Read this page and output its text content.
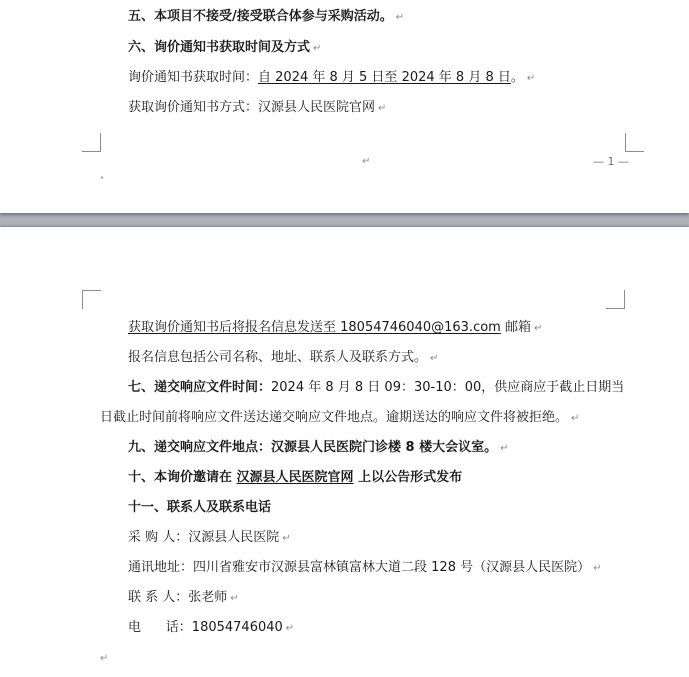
五、本项目不接受/接受联合体参与采购活动。 ↵
六、询价通知书获取时间及方式 ↵
询价通知书获取时间：自 2024 年 8 月 5 日至 2024 年 8 月 8 日。 ↵
获取询价通知书方式：汉源县人民医院官网 ↵
↵	— 1 —
˖
获取询价通知书后将报名信息发送至 18054746040@163.com 邮箱 ↵
报名信息包括公司名称、地址、联系人及联系方式。 ↵
七、递交响应文件时间：2024 年 8 月 8 日 09：30-10：00，供应商应于截止日期当
日截止时间前将响应文件送达递交响应文件地点。逾期送达的响应文件将被拒绝。 ↵
九、递交响应文件地点：汉源县人民医院门诊楼 8 楼大会议室。 ↵
十、本询价邀请在 汉源县人民医院官网 上以公告形式发布
十一、联系人及联系电话
采 购 人：汉源县人民医院 ↵
通讯地址：四川省雅安市汉源县富林镇富林大道二段 128 号（汉源县人民医院） ↵
联 系 人：张老师 ↵
电      话：18054746040 ↵
↵
